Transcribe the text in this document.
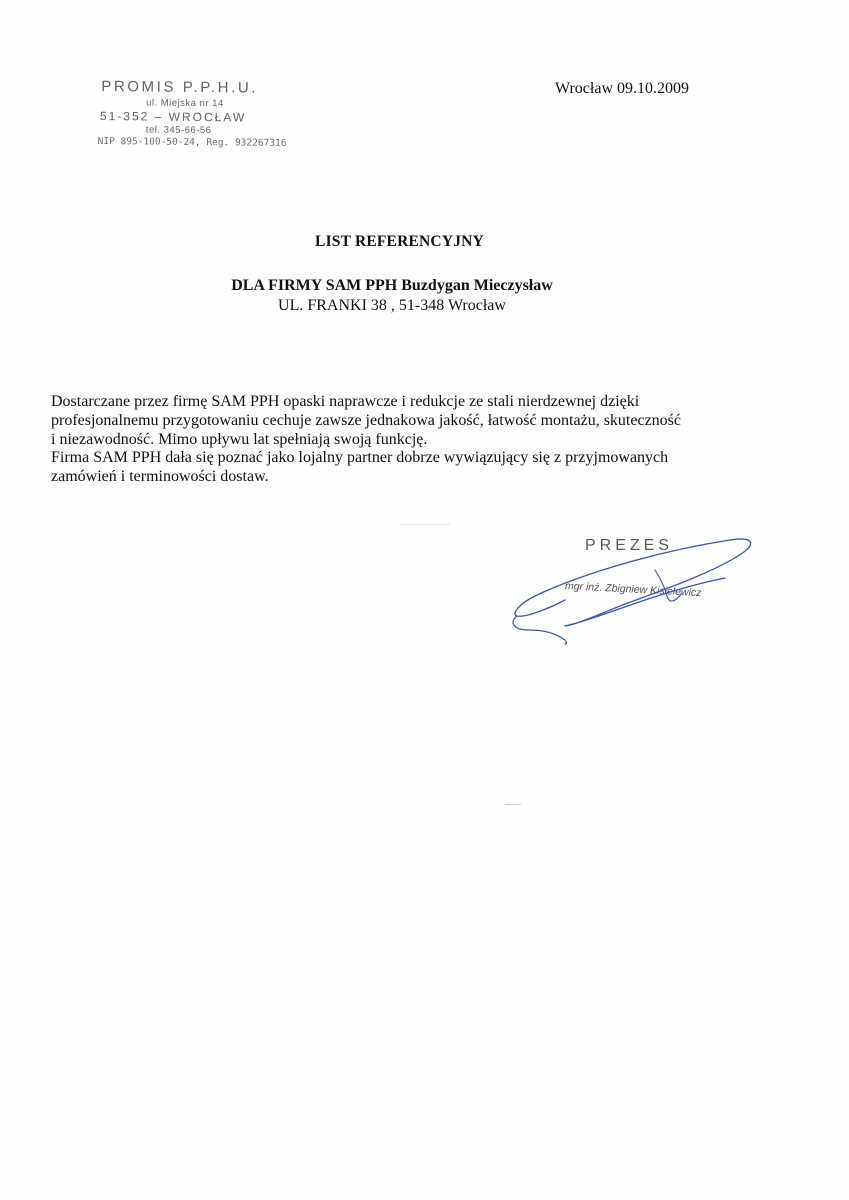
PROMIS P.P.H.U.
ul. Miejska nr 14
51-352 – WROCŁAW
tel. 345-66-56
NIP 895-100-50-24, Reg. 932267316
Wrocław 09.10.2009
LIST REFERENCYJNY
DLA FIRMY SAM PPH Buzdygan Mieczysław
UL. FRANKI 38 , 51-348 Wrocław
Dostarczane przez firmę SAM PPH opaski naprawcze i redukcje ze stali nierdzewnej dzięki
profesjonalnemu przygotowaniu cechuje zawsze jednakowa jakość, łatwość montażu, skuteczność
i niezawodność. Mimo upływu lat spełniają swoją funkcję.
Firma SAM PPH dała się poznać jako lojalny partner dobrze wywiązujący się z przyjmowanych
zamówień i terminowości dostaw.
PREZES
mgr inż. Zbigniew Kisielewicz
